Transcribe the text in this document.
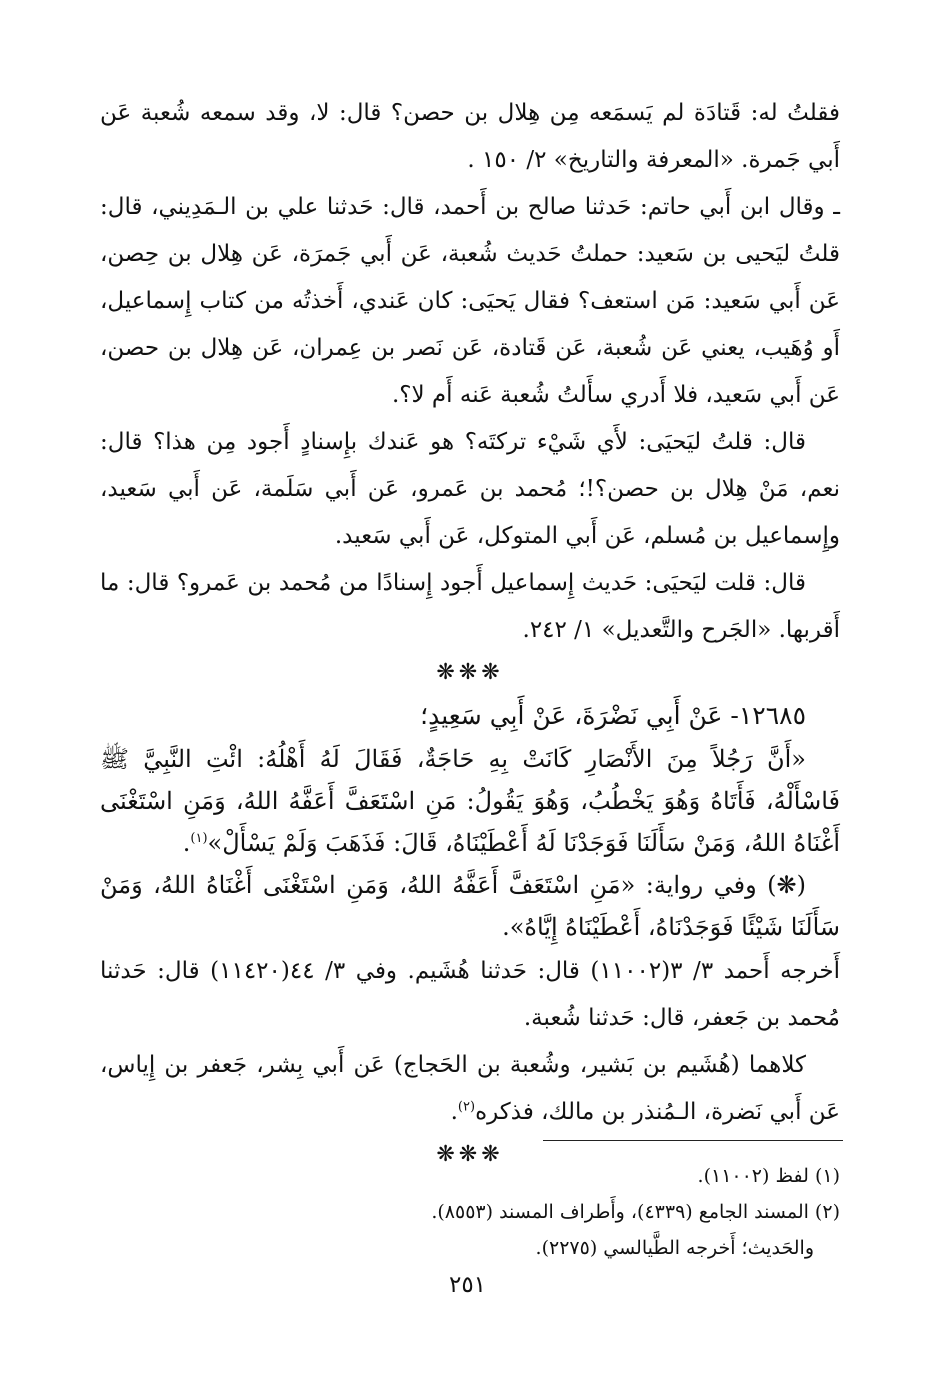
فقلتُ له: قَتادَة لم يَسمَعه مِن هِلال بن حصن؟ قال: لا، وقد سمعه شُعبة عَن أَبي جَمرة. «المعرفة والتاريخ» ٢/ ١٥٠ .

ـ وقال ابن أَبي حاتم: حَدثنا صالح بن أَحمد، قال: حَدثنا علي بن الـمَدِيني، قال: قلتُ ليَحيى بن سَعيد: حملتُ حَديث شُعبة، عَن أَبي جَمرَة، عَن هِلال بن حِصن، عَن أَبي سَعيد: مَن استعف؟ فقال يَحيَى: كان عَندي، أَخذتُه من كتاب إِسماعيل، أَو وُهَيب، يعني عَن شُعبة، عَن قَتادة، عَن نَصر بن عِمران، عَن هِلال بن حصن، عَن أَبي سَعيد، فلا أَدري سأَلتُ شُعبة عَنه أَم لا؟.

قال: قلتُ ليَحيَى: لأَي شَيْء تركتَه؟ هو عَندك بإِسنادٍ أَجود مِن هذا؟ قال: نعم، مَنْ هِلال بن حصن؟!؛ مُحمد بن عَمرو، عَن أَبي سَلَمة، عَن أَبي سَعيد، وإِسماعيل بن مُسلم، عَن أَبي المتوكل، عَن أَبي سَعيد.

قال: قلت ليَحيَى: حَديث إِسماعيل أَجود إِسنادًا من مُحمد بن عَمرو؟ قال: ما أَقربها. «الجَرح والتَّعديل» ١/ ٢٤٢.

❋❋❋

١٢٦٨٥- عَنْ أَبِي نَضْرَةَ، عَنْ أَبِي سَعِيدٍ؛

«أَنَّ رَجُلاً مِنَ الأَنْصَارِ كَانَتْ بِهِ حَاجَةٌ، فَقَالَ لَهُ أَهْلُهُ: ائْتِ النَّبِيَّ ﷺ فَاسْأَلْهُ، فَأَتَاهُ وَهُوَ يَخْطُبُ، وَهُوَ يَقُولُ: مَنِ اسْتَعَفَّ أَعَفَّهُ اللهُ، وَمَنِ اسْتَغْنَى أَغْنَاهُ اللهُ، وَمَنْ سَأَلَنَا فَوَجَدْنَا لَهُ أَعْطَيْنَاهُ، قَالَ: فَذَهَبَ وَلَمْ يَسْأَلْ»$^{(١)}$.

(❋) وفي رواية: «مَنِ اسْتَعَفَّ أَعَفَّهُ اللهُ، وَمَنِ اسْتَغْنَى أَغْنَاهُ اللهُ، وَمَنْ سَأَلَنَا شَيْئًا فَوَجَدْنَاهُ، أَعْطَيْنَاهُ إِيَّاهُ».

أَخرجه أَحمد ٣/ ٣(١١٠٠٢) قال: حَدثنا هُشَيم. وفي ٣/ ٤٤(١١٤٢٠) قال: حَدثنا مُحمد بن جَعفر، قال: حَدثنا شُعبة.

كلاهما (هُشَيم بن بَشير، وشُعبة بن الحَجاج) عَن أَبي بِشر، جَعفر بن إِياس، عَن أَبي نَضرة، الـمُنذر بن مالك، فذكره$^{(٢)}$.

❋❋❋

(١) لفظ (١١٠٠٢).

(٢) المسند الجامع (٤٣٣٩)، وأَطراف المسند (٨٥٥٣).

والحَديث؛ أَخرجه الطَّيالسي (٢٢٧٥).

٢٥١
